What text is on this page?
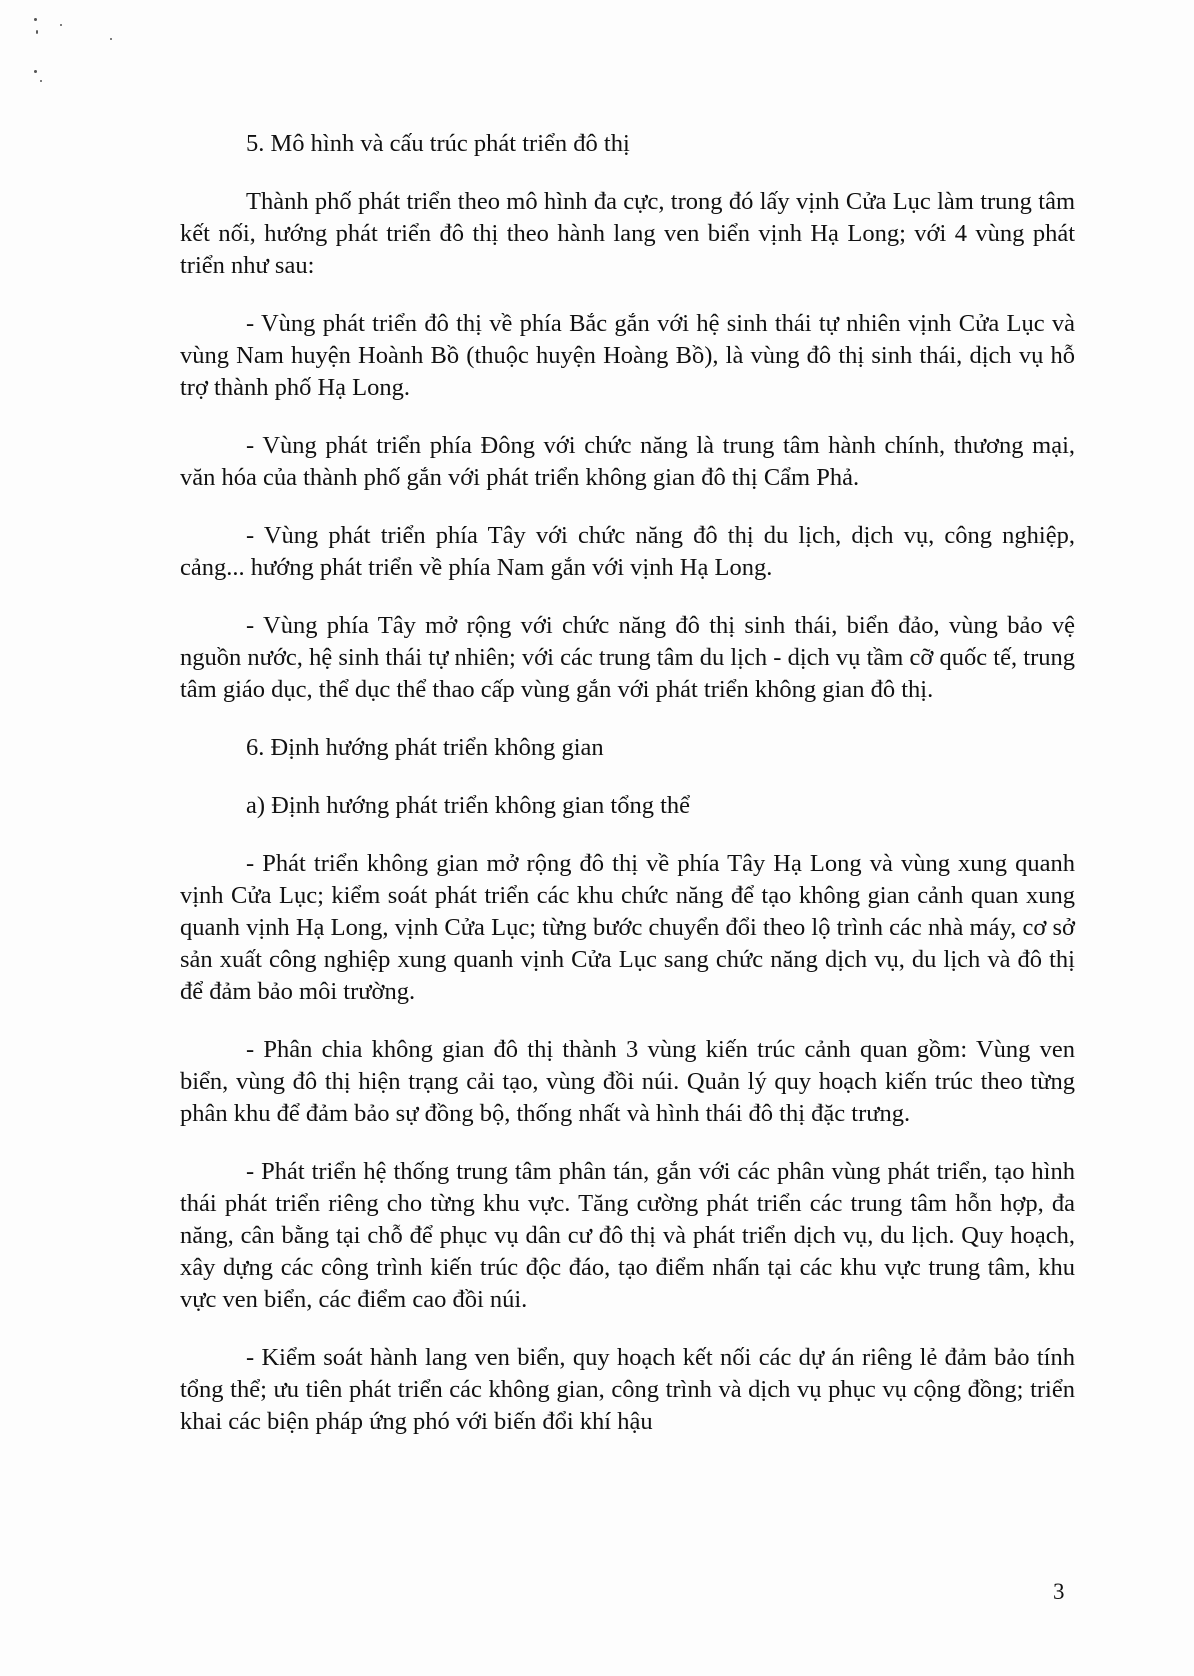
5. Mô hình và cấu trúc phát triển đô thị

Thành phố phát triển theo mô hình đa cực, trong đó lấy vịnh Cửa Lục làm trung tâm kết nối, hướng phát triển đô thị theo hành lang ven biển vịnh Hạ Long; với 4 vùng phát triển như sau:

- Vùng phát triển đô thị về phía Bắc gắn với hệ sinh thái tự nhiên vịnh Cửa Lục và vùng Nam huyện Hoành Bồ (thuộc huyện Hoàng Bồ), là vùng đô thị sinh thái, dịch vụ hỗ trợ thành phố Hạ Long.

- Vùng phát triển phía Đông với chức năng là trung tâm hành chính, thương mại, văn hóa của thành phố gắn với phát triển không gian đô thị Cẩm Phả.

- Vùng phát triển phía Tây với chức năng đô thị du lịch, dịch vụ, công nghiệp, cảng... hướng phát triển về phía Nam gắn với vịnh Hạ Long.

- Vùng phía Tây mở rộng với chức năng đô thị sinh thái, biển đảo, vùng bảo vệ nguồn nước, hệ sinh thái tự nhiên; với các trung tâm du lịch - dịch vụ tầm cỡ quốc tế, trung tâm giáo dục, thể dục thể thao cấp vùng gắn với phát triển không gian đô thị.

6. Định hướng phát triển không gian

a) Định hướng phát triển không gian tổng thể

- Phát triển không gian mở rộng đô thị về phía Tây Hạ Long và vùng xung quanh vịnh Cửa Lục; kiểm soát phát triển các khu chức năng để tạo không gian cảnh quan xung quanh vịnh Hạ Long, vịnh Cửa Lục; từng bước chuyển đổi theo lộ trình các nhà máy, cơ sở sản xuất công nghiệp xung quanh vịnh Cửa Lục sang chức năng dịch vụ, du lịch và đô thị để đảm bảo môi trường.

- Phân chia không gian đô thị thành 3 vùng kiến trúc cảnh quan gồm: Vùng ven biển, vùng đô thị hiện trạng cải tạo, vùng đồi núi. Quản lý quy hoạch kiến trúc theo từng phân khu để đảm bảo sự đồng bộ, thống nhất và hình thái đô thị đặc trưng.

- Phát triển hệ thống trung tâm phân tán, gắn với các phân vùng phát triển, tạo hình thái phát triển riêng cho từng khu vực. Tăng cường phát triển các trung tâm hỗn hợp, đa năng, cân bằng tại chỗ để phục vụ dân cư đô thị và phát triển dịch vụ, du lịch. Quy hoạch, xây dựng các công trình kiến trúc độc đáo, tạo điểm nhấn tại các khu vực trung tâm, khu vực ven biển, các điểm cao đồi núi.

- Kiểm soát hành lang ven biển, quy hoạch kết nối các dự án riêng lẻ đảm bảo tính tổng thể; ưu tiên phát triển các không gian, công trình và dịch vụ phục vụ cộng đồng; triển khai các biện pháp ứng phó với biến đổi khí hậu

3
